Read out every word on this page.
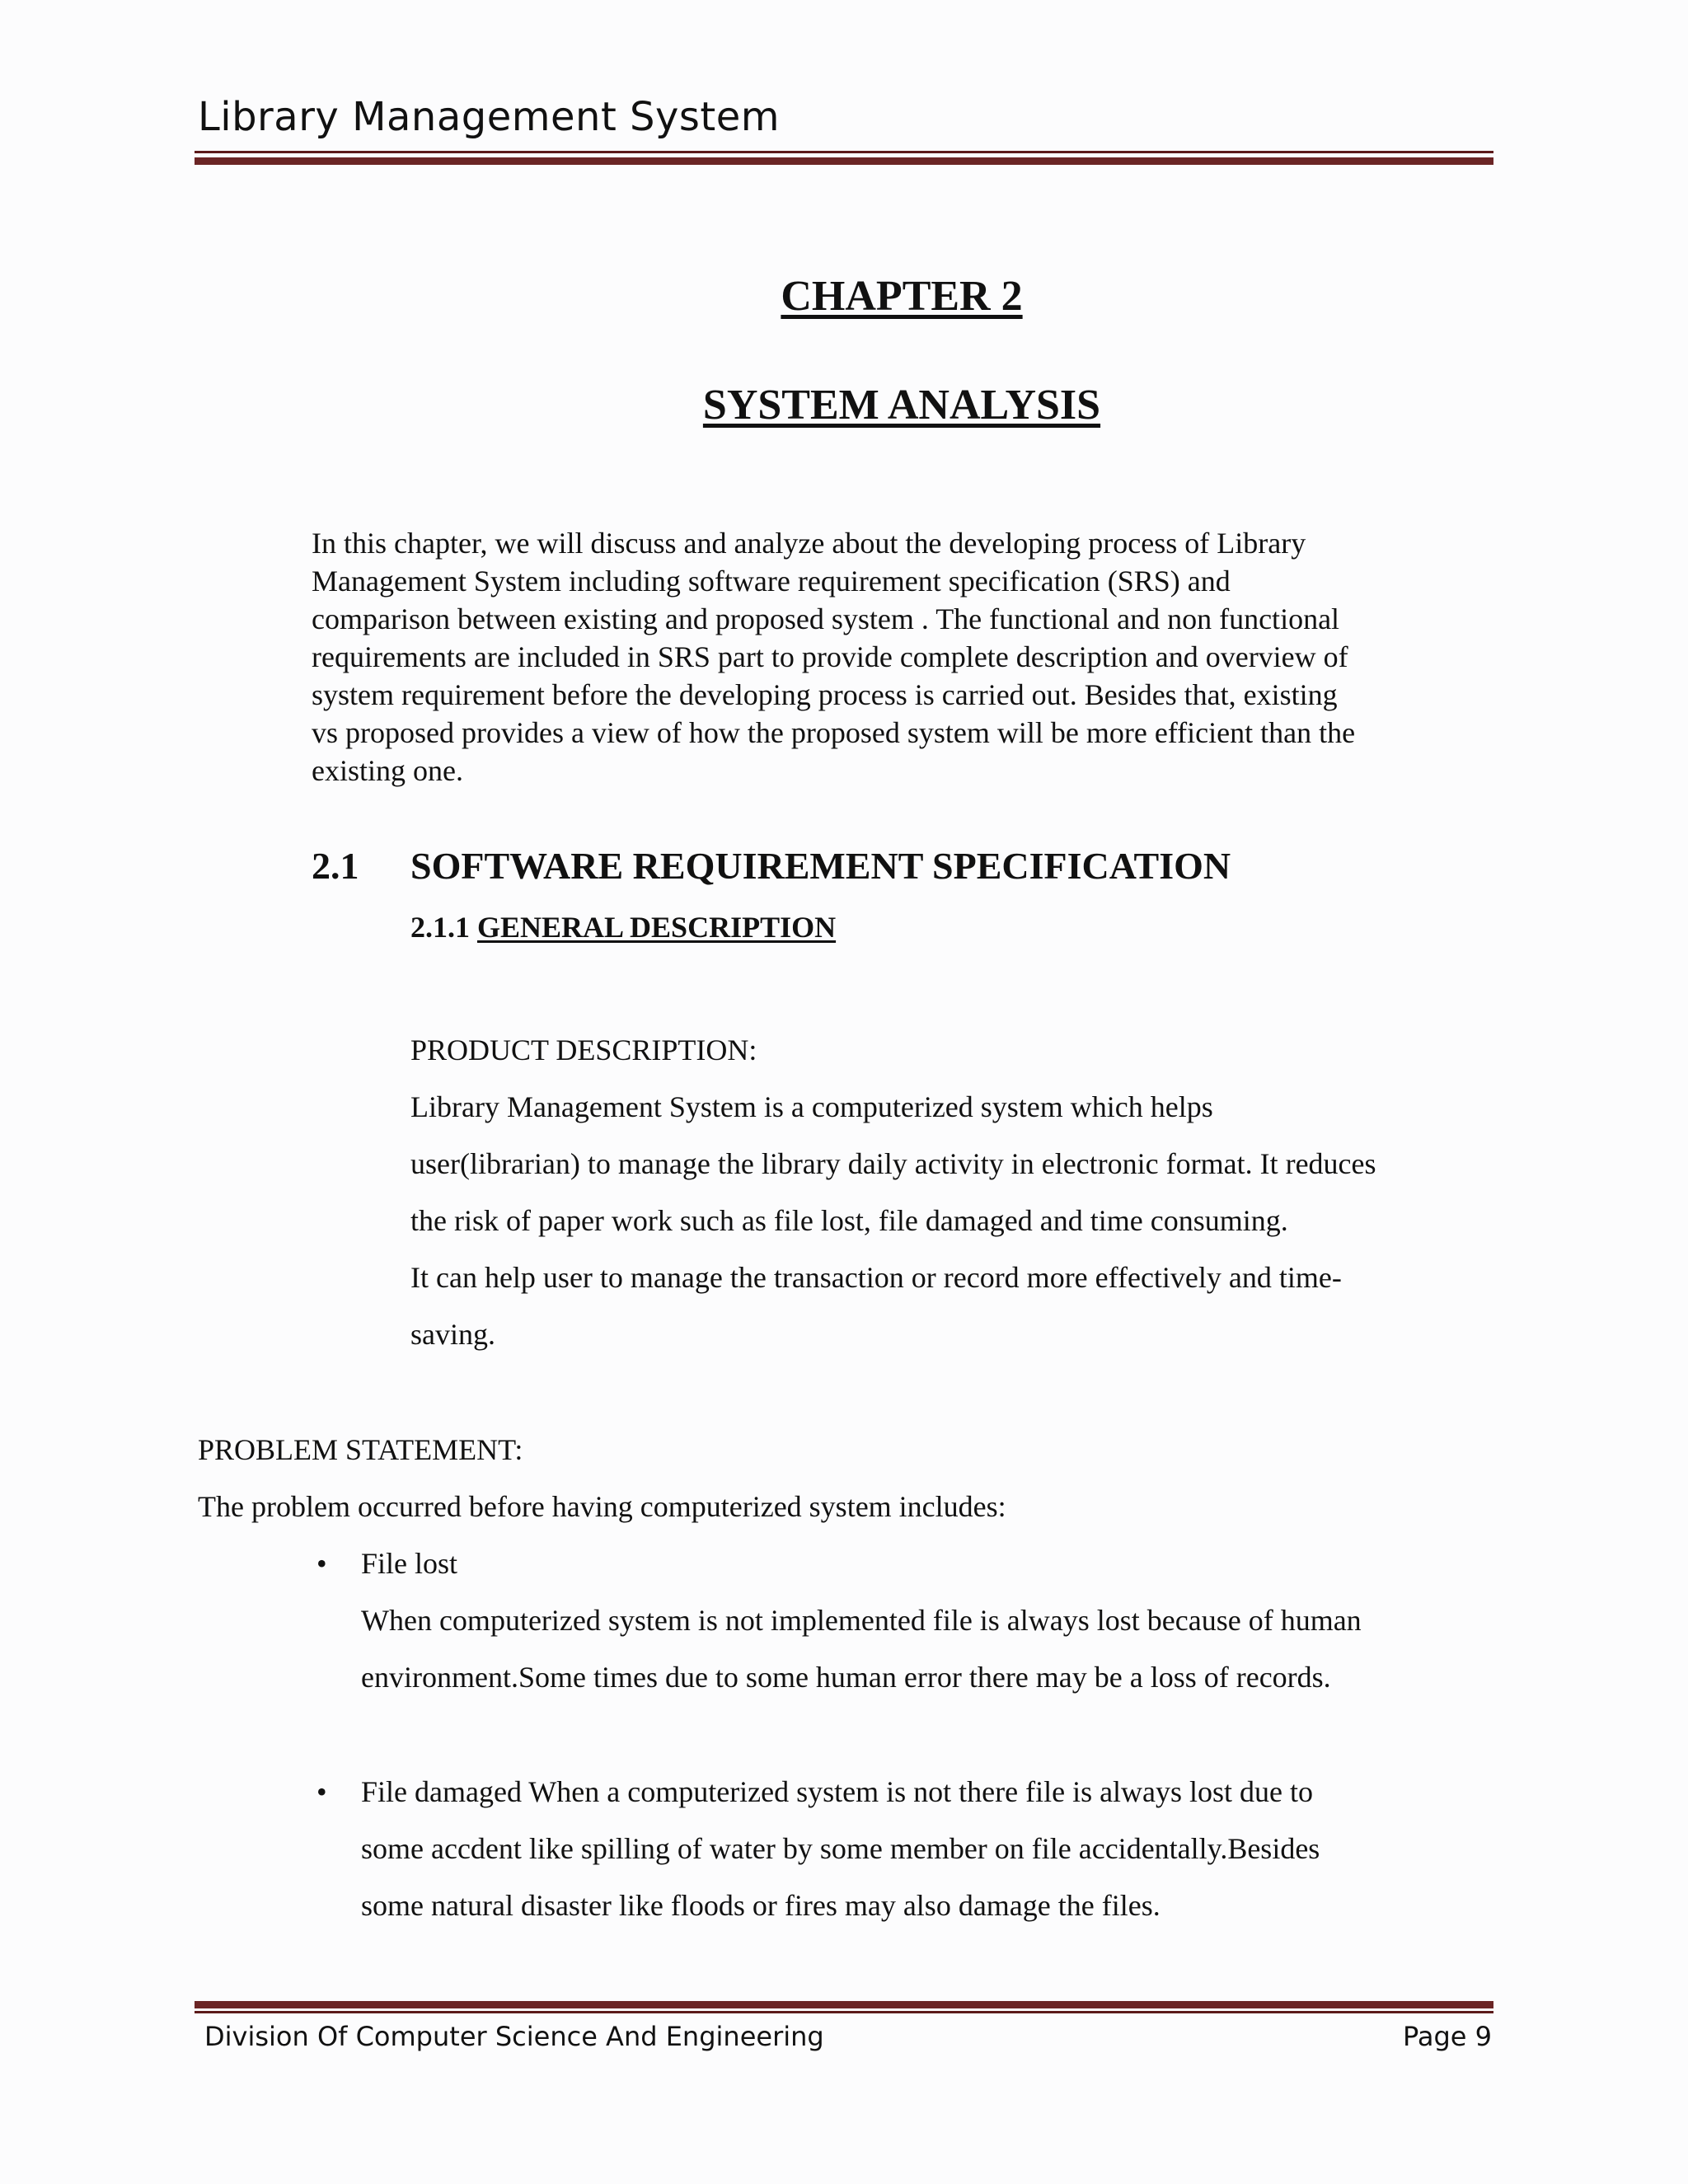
Library Management System
CHAPTER 2
SYSTEM ANALYSIS

In this chapter, we will discuss and analyze about the developing process of Library
Management System including software requirement specification (SRS) and
comparison between existing and proposed system . The functional and non functional
requirements are included in SRS part to provide complete description and overview of
system requirement before the developing process is carried out. Besides that, existing
vs proposed provides a view of how the proposed system will be more efficient than the
existing one.

2.1 SOFTWARE REQUIREMENT SPECIFICATION
2.1.1 GENERAL DESCRIPTION
PRODUCT DESCRIPTION:
Library Management System is a computerized system which helps
user(librarian) to manage the library daily activity in electronic format. It reduces
the risk of paper work such as file lost, file damaged and time consuming.
It can help user to manage the transaction or record more effectively and time-
saving.
PROBLEM STATEMENT:
The problem occurred before having computerized system includes:
• File lost
When computerized system is not implemented file is always lost because of human
environment.Some times due to some human error there may be a loss of records.
• File damaged When a computerized system is not there file is always lost due to
some accdent like spilling of water by some member on file accidentally.Besides
some natural disaster like floods or fires may also damage the files.
Division Of Computer Science And Engineering	Page 9
